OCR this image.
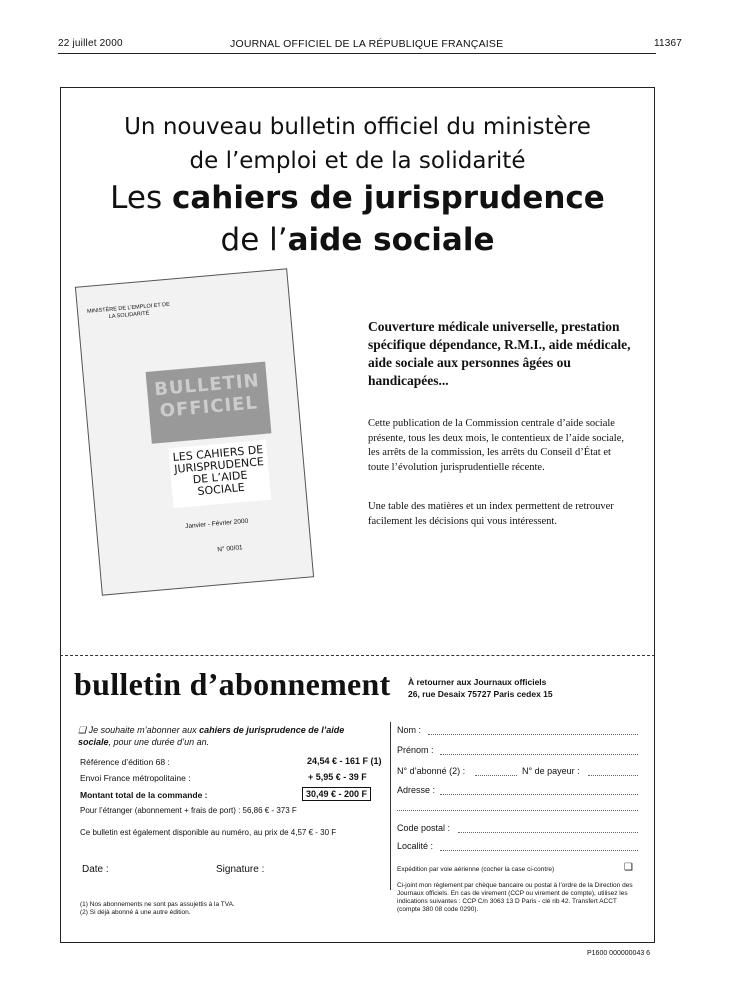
22 juillet 2000	JOURNAL OFFICIEL DE LA RÉPUBLIQUE FRANÇAISE	11367
Un nouveau bulletin officiel du ministère
de l’emploi et de la solidarité
Les cahiers de jurisprudence
de l’aide sociale
MINISTÈRE DE L’EMPLOI ET DE LA SOLIDARITÉ
BULLETIN OFFICIEL
LES CAHIERS DE JURISPRUDENCE DE L’AIDE SOCIALE
Janvier - Février 2000
N° 00/01
Couverture médicale universelle, prestation spécifique dépendance, R.M.I., aide médicale, aide sociale aux personnes âgées ou handicapées...
Cette publication de la Commission centrale d’aide sociale présente, tous les deux mois, le contentieux de l’aide sociale, les arrêts de la commission, les arrêts du Conseil d’État et toute l’évolution jurisprudentielle récente.
Une table des matières et un index permettent de retrouver facilement les décisions qui vous intéressent.
bulletin d’abonnement À retourner aux Journaux officiels
26, rue Desaix 75727 Paris cedex 15
❑ Je souhaite m’abonner aux cahiers de jurisprudence de l’aide sociale, pour une durée d’un an.
Référence d’édition 68 :	24,54 € - 161 F (1)
Envoi France métropolitaine :	+ 5,95 € - 39 F
Montant total de la commande :	30,49 € - 200 F
Pour l’étranger (abonnement + frais de port) : 56,86 € - 373 F
Ce bulletin est également disponible au numéro, au prix de 4,57 € - 30 F
Date :	Signature :
(1) Nos abonnements ne sont pas assujettis à la TVA.
(2) Si déjà abonné à une autre édition.
Nom :
Prénom :
N° d’abonné (2) :	N° de payeur :
Adresse :
Code postal :
Localité :
Expédition par voie aérienne (cocher la case ci-contre)	❑
Ci-joint mon règlement par chèque bancaire ou postal à l’ordre de la Direction des Journaux officiels. En cas de virement (CCP ou virement de compte), utilisez les indications suivantes : CCP C/n 3063 13 D Paris - clé rib 42. Transfert ACCT (compte 380 08 code 0290).
P1600 000000043 6
